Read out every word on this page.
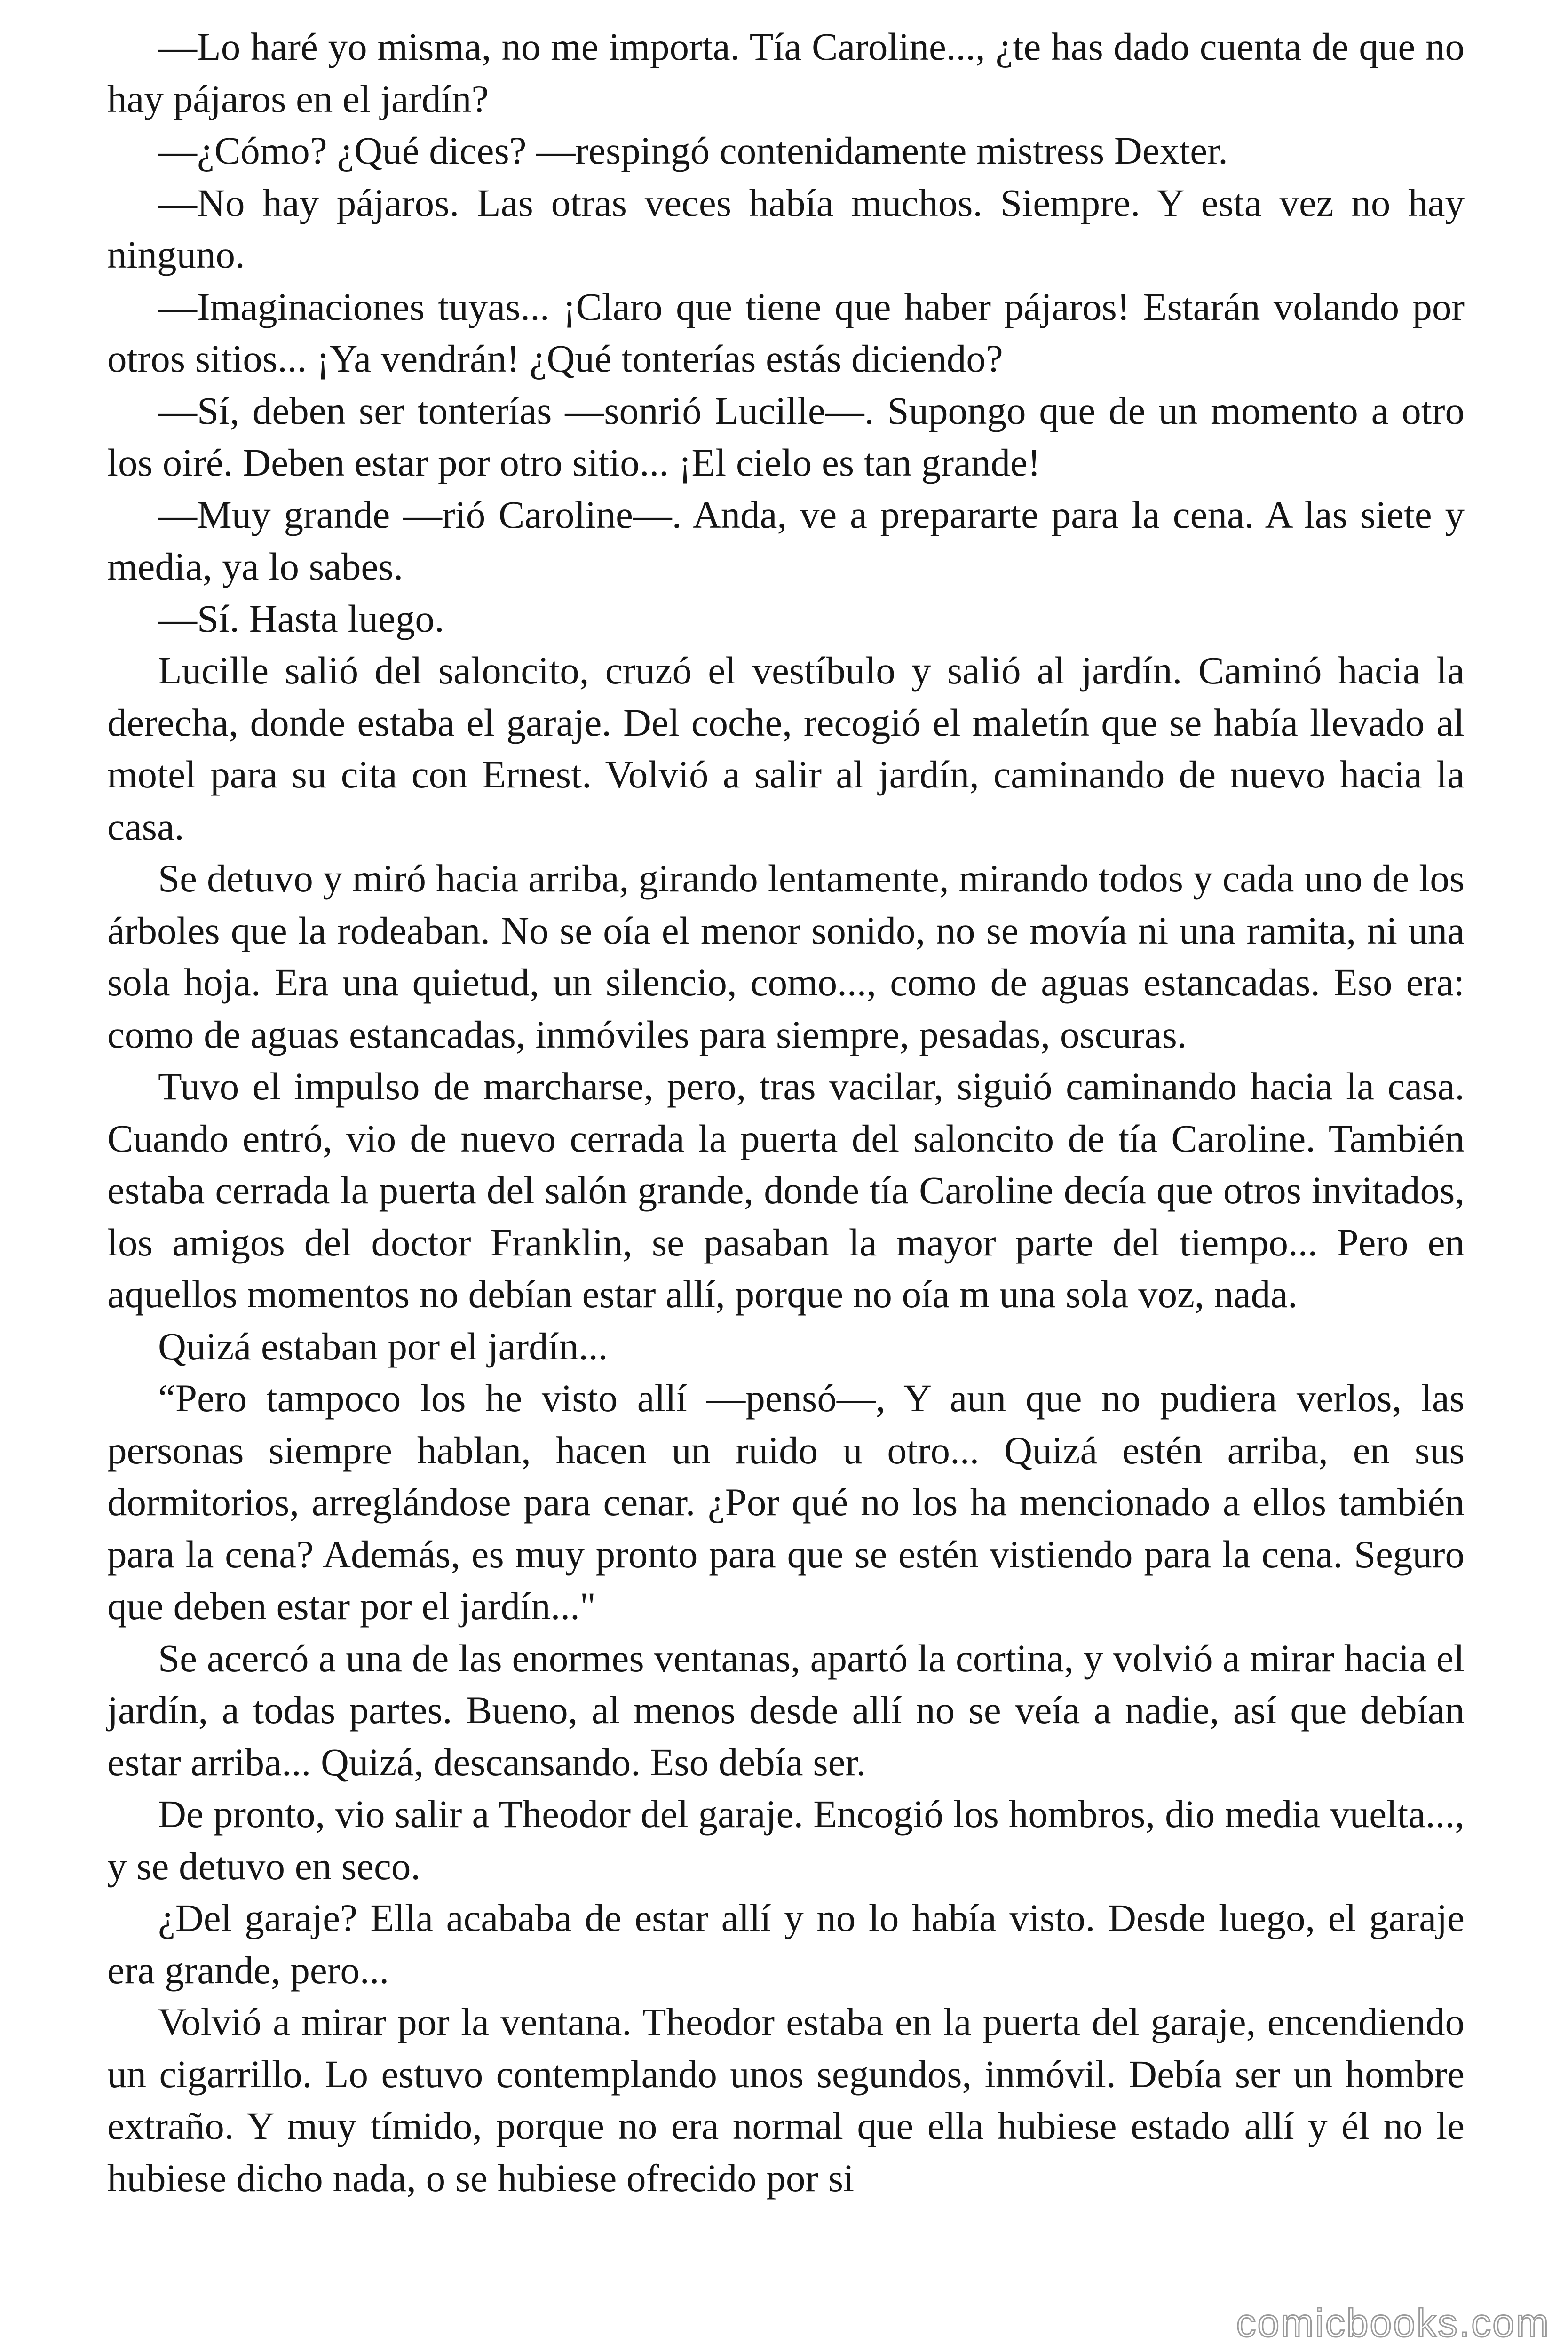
—Lo haré yo misma, no me importa. Tía Caroline..., ¿te has dado cuenta de que no hay pájaros en el jardín?

—¿Cómo? ¿Qué dices? —respingó contenidamente mistress Dexter.

—No hay pájaros. Las otras veces había muchos. Siempre. Y esta vez no hay ninguno.

—Imaginaciones tuyas... ¡Claro que tiene que haber pájaros! Estarán volando por otros sitios... ¡Ya vendrán! ¿Qué tonterías estás diciendo?

—Sí, deben ser tonterías —sonrió Lucille—. Supongo que de un momento a otro los oiré. Deben estar por otro sitio... ¡El cielo es tan grande!

—Muy grande —rió Caroline—. Anda, ve a prepararte para la cena. A las siete y media, ya lo sabes.

—Sí. Hasta luego.

Lucille salió del saloncito, cruzó el vestíbulo y salió al jardín. Caminó hacia la derecha, donde estaba el garaje. Del coche, recogió el maletín que se había llevado al motel para su cita con Ernest. Volvió a salir al jardín, caminando de nuevo hacia la casa.

Se detuvo y miró hacia arriba, girando lentamente, mirando todos y cada uno de los árboles que la rodeaban. No se oía el menor sonido, no se movía ni una ramita, ni una sola hoja. Era una quietud, un silencio, como..., como de aguas estancadas. Eso era: como de aguas estancadas, inmóviles para siempre, pesadas, oscuras.

Tuvo el impulso de marcharse, pero, tras vacilar, siguió caminando hacia la casa. Cuando entró, vio de nuevo cerrada la puerta del saloncito de tía Caroline. También estaba cerrada la puerta del salón grande, donde tía Caroline decía que otros invitados, los amigos del doctor Franklin, se pasaban la mayor parte del tiempo... Pero en aquellos momentos no debían estar allí, porque no oía m una sola voz, nada.

Quizá estaban por el jardín...

“Pero tampoco los he visto allí —pensó—, Y aun que no pudiera verlos, las personas siempre hablan, hacen un ruido u otro... Quizá estén arriba, en sus dormitorios, arreglándose para cenar. ¿Por qué no los ha mencionado a ellos también para la cena? Además, es muy pronto para que se estén vistiendo para la cena. Seguro que deben estar por el jardín..."

Se acercó a una de las enormes ventanas, apartó la cortina, y volvió a mirar hacia el jardín, a todas partes. Bueno, al menos desde allí no se veía a nadie, así que debían estar arriba... Quizá, descansando. Eso debía ser.

De pronto, vio salir a Theodor del garaje. Encogió los hombros, dio media vuelta..., y se detuvo en seco.

¿Del garaje? Ella acababa de estar allí y no lo había visto. Desde luego, el garaje era grande, pero...

Volvió a mirar por la ventana. Theodor estaba en la puerta del garaje, encendiendo un cigarrillo. Lo estuvo contemplando unos segundos, inmóvil. Debía ser un hombre extraño. Y muy tímido, porque no era normal que ella hubiese estado allí y él no le hubiese dicho nada, o se hubiese ofrecido por si

comicbooks.com
